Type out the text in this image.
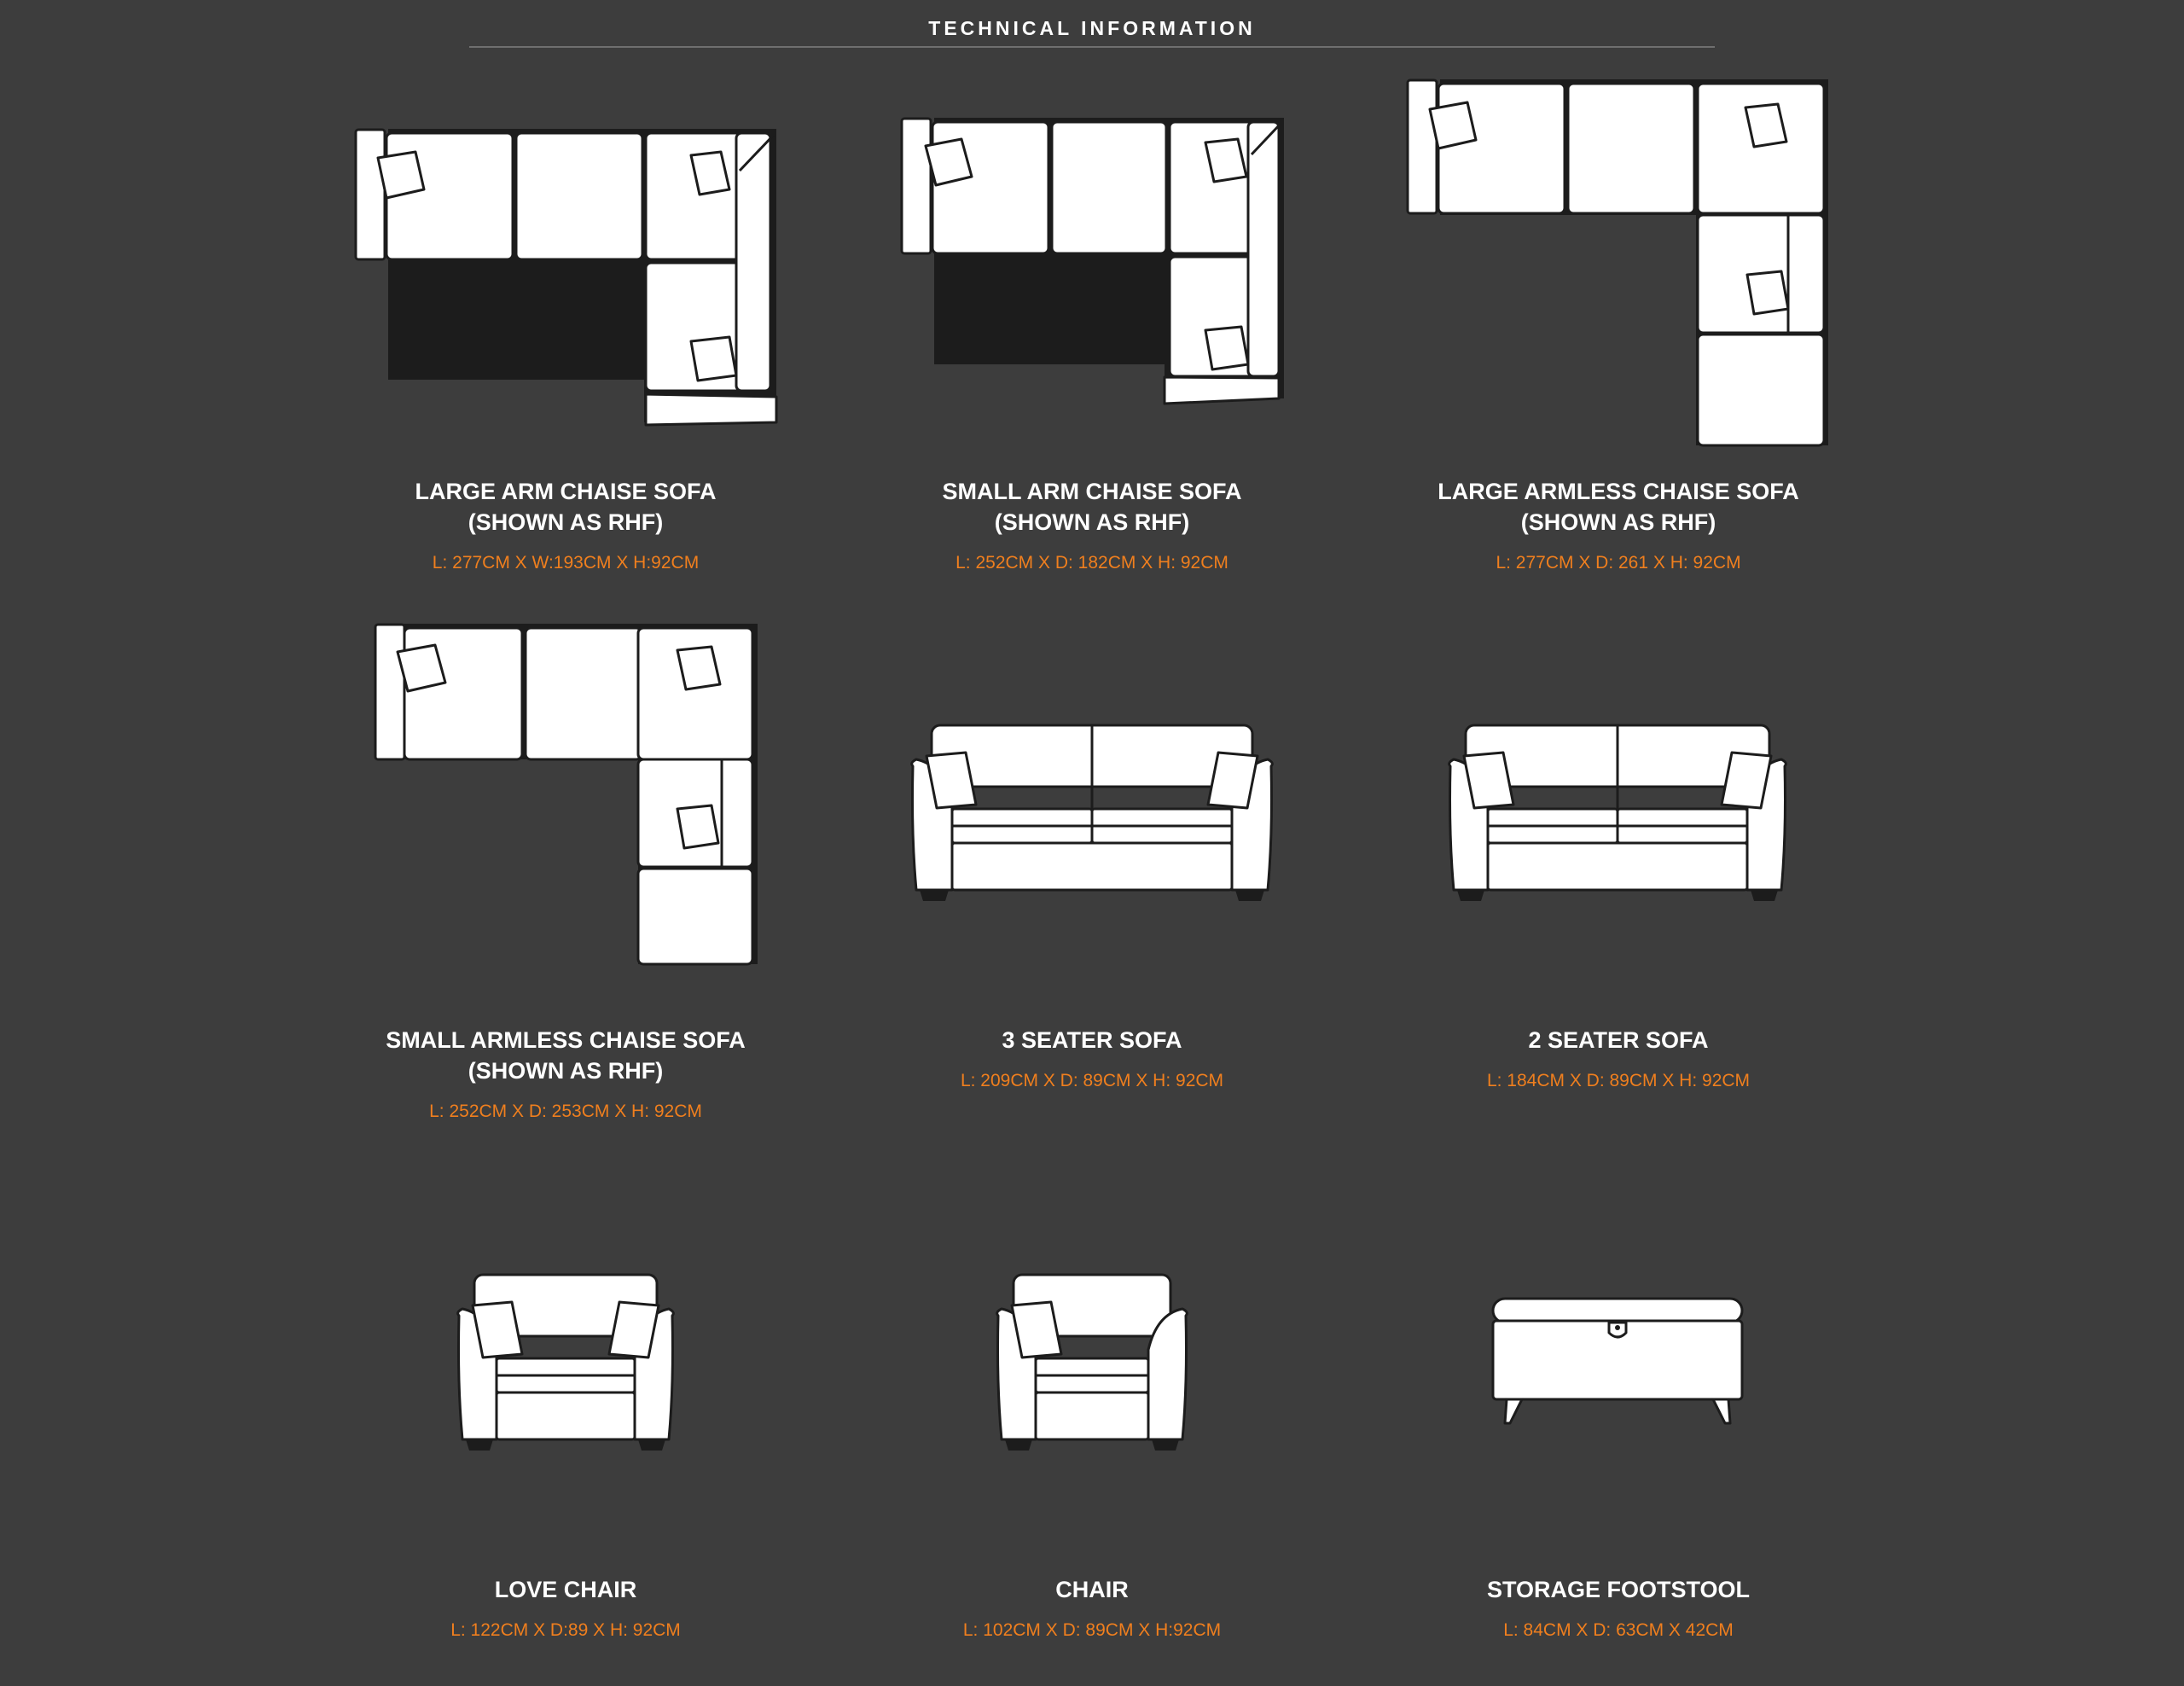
TECHNICAL INFORMATION
LARGE ARM CHAISE SOFA
(SHOWN AS RHF)
L: 277CM X W:193CM X H:92CM
SMALL ARM CHAISE SOFA
(SHOWN AS RHF)
L: 252CM X D: 182CM X H: 92CM
LARGE ARMLESS CHAISE SOFA
(SHOWN AS RHF)
L: 277CM X D: 261 X H: 92CM
SMALL ARMLESS CHAISE SOFA
(SHOWN AS RHF)
L: 252CM X D: 253CM X H: 92CM
3 SEATER SOFA
L: 209CM X D: 89CM X H: 92CM
2 SEATER SOFA
L: 184CM X D: 89CM X H: 92CM
LOVE CHAIR
L: 122CM X D:89 X H: 92CM
CHAIR
L: 102CM X D: 89CM X H:92CM
STORAGE FOOTSTOOL
L: 84CM X D: 63CM X 42CM
